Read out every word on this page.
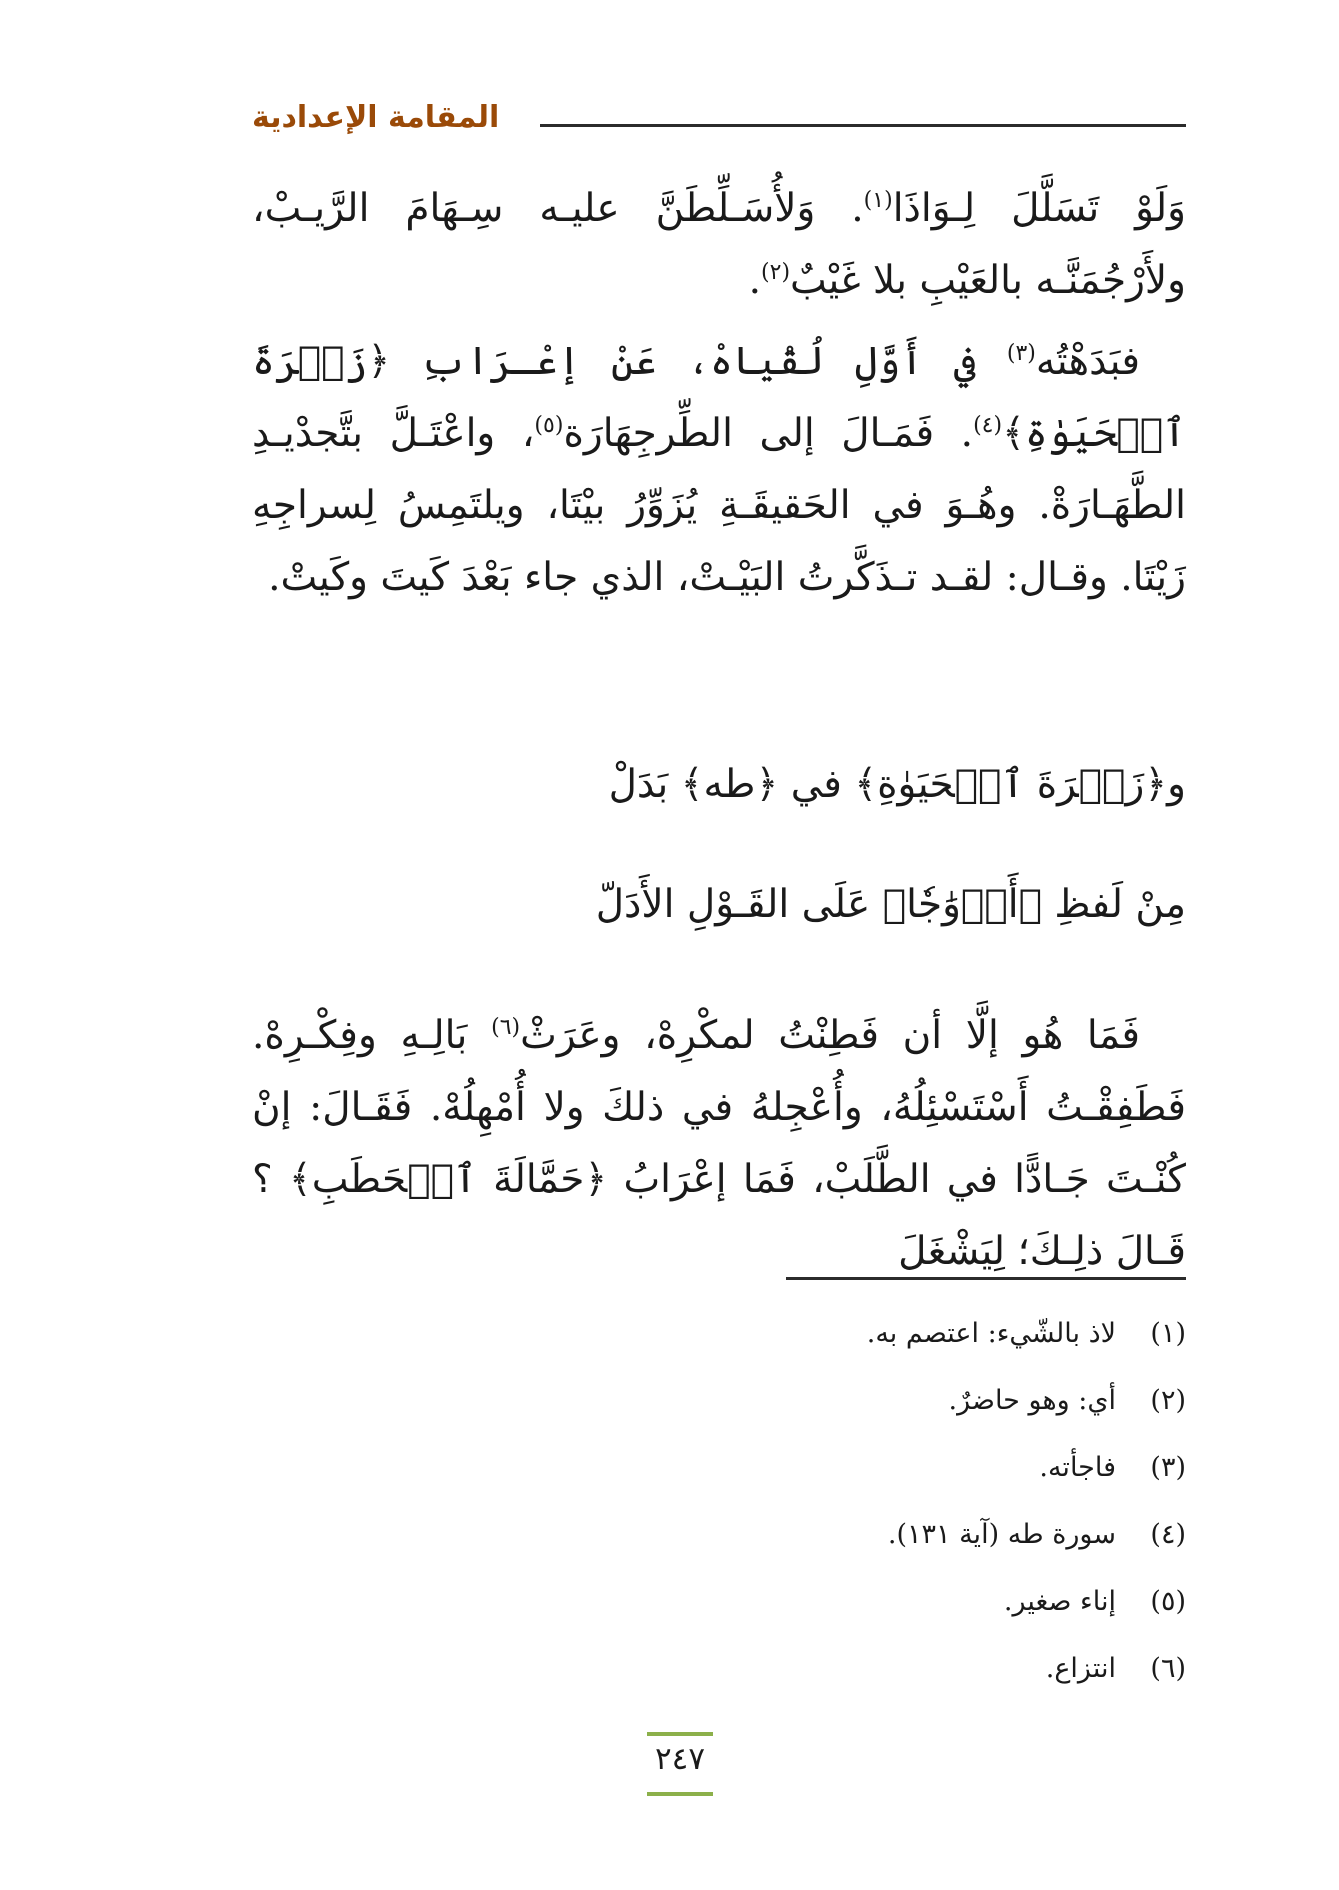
المقامة الإعدادية

وَلَوْ تَسَلَّلَ لِـوَاذَا$^{(١)}$. وَلأُسَـلِّطَنَّ عليـه سِـهَامَ الرَّيـبْ، ولأَرْجُمَنَّـه بالعَيْبِ بلا غَيْبٌ$^{(٢)}$.

فبَدَهْتُه$^{(٣)}$ في أَوَّلِ لُقْياهْ، عَنْ إعْـرَابِ ﴿زَهۡرَةَ ٱلۡحَيَوٰةِ﴾$^{(٤)}$. فَمَـالَ إلى الطِّرجِهَارَة$^{(٥)}$، واعْتَـلَّ بتَّجدْيـدِ الطَّهَـارَةْ. وهُـوَ في الحَقيقَـةِ يُزَوِّرُ بيْتَا، ويلتَمِسُ لِسراجِهِ زَيْتَا. وقـال: لقـد تـذَكَّرتُ البَيْـتْ، الذي جاء بَعْدَ كَيتَ وكَيتْ.

و﴿زَهۡرَةَ ٱلۡحَيَوٰةِ﴾ في ﴿طه﴾ بَدَلْ
مِنْ لَفظِ ﴿أَزۡوَٰجٗا﴾ عَلَى القَـوْلِ الأَدَلّ

فَمَا هُو إلَّا أن فَطِنْتُ لمكْرِهْ، وعَرَثْ$^{(٦)}$ بَالِـهِ وفِكْـرِهْ. فَطَفِقْـتُ أَسْتَسْئِلُهُ، وأُعْجِلهُ في ذلكَ ولا أُمْهِلُهْ. فَقَـالَ: إنْ كُنْـتَ جَـادًّا في الطَّلَبْ، فَمَا إعْرَابُ ﴿حَمَّالَةَ ٱلۡحَطَبِ﴾ ؟ قَـالَ ذلِـكَ؛ لِيَشْغَلَ

(١)لاذ بالشّيء: اعتصم به.
(٢)أي: وهو حاضرٌ.
(٣)فاجأته.
(٤)سورة طه (آية ١٣١).
(٥)إناء صغير.
(٦)انتزاع.
٢٤٧
